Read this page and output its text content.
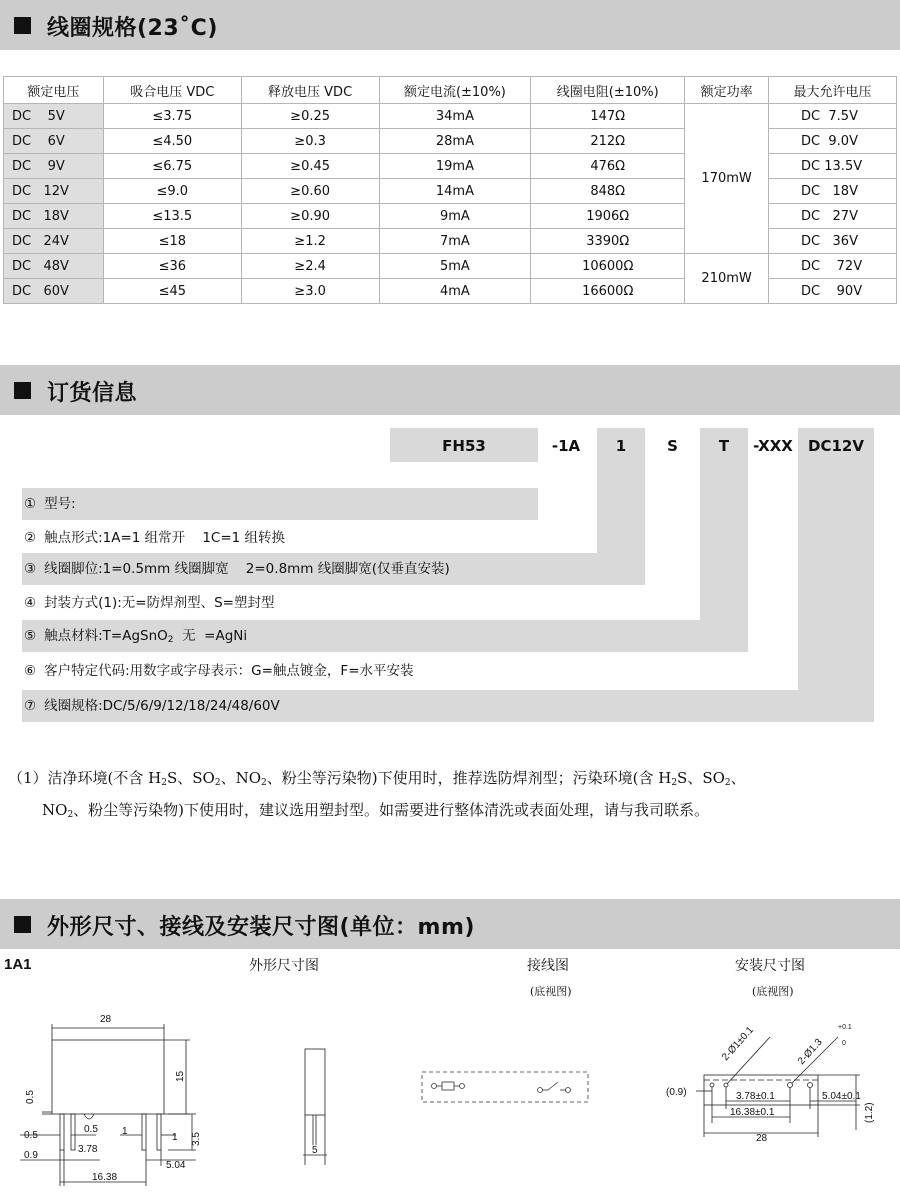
线圈规格(23˚C)
额定电压	吸合电压 VDC	释放电压 VDC	额定电流(±10%)	线圈电阻(±10%)	额定功率	最大允许电压
DC    5V	≤3.75	≥0.25	34mA	147Ω	170mW	DC  7.5V
DC    6V	≤4.50	≥0.3	28mA	212Ω		DC  9.0V
DC    9V	≤6.75	≥0.45	19mA	476Ω		DC 13.5V
DC   12V	≤9.0	≥0.60	14mA	848Ω		DC   18V
DC   18V	≤13.5	≥0.90	9mA	1906Ω		DC   27V
DC   24V	≤18	≥1.2	7mA	3390Ω		DC   36V
DC   48V	≤36	≥2.4	5mA	10600Ω	210mW	DC    72V
DC   60V	≤45	≥3.0	4mA	16600Ω		DC    90V
订货信息
FH53	-1A	1	S	T	-XXX	DC12V
① 型号:
② 触点形式:1A=1 组常开    1C=1 组转换
③ 线圈脚位:1=0.5mm 线圈脚宽    2=0.8mm 线圈脚宽(仅垂直安装)
④ 封装方式(1):无=防焊剂型、S=塑封型
⑤ 触点材料:T=AgSnO$_2$  无  =AgNi
⑥ 客户特定代码:用数字或字母表示：G=触点镀金，F=水平安装
⑦ 线圈规格:DC/5/6/9/12/18/24/48/60V
（1）洁净环境(不含 $H_2S$、$SO_2$、$NO_2$、粉尘等污染物)下使用时，推荐选防焊剂型；污染环境(含 $H_2S$、$SO_2$、
$NO_2$、粉尘等污染物)下使用时，建议选用塑封型。如需要进行整体清洗或表面处理，请与我司联系。
外形尺寸、接线及安装尺寸图(单位：mm)
1A1	外形尺寸图	接线图
(底视图)
安装尺寸图
(底视图)
28
0.5
15
0.5
0.5 1
1 3.5
3.78
0.9
5.04
16.38
5
2-Ø1±0.1	2-Ø1.3
+0.1
0
(0.9)	3.78±0.1	5.04±0.1
16.38±0.1
28
(1.2)
